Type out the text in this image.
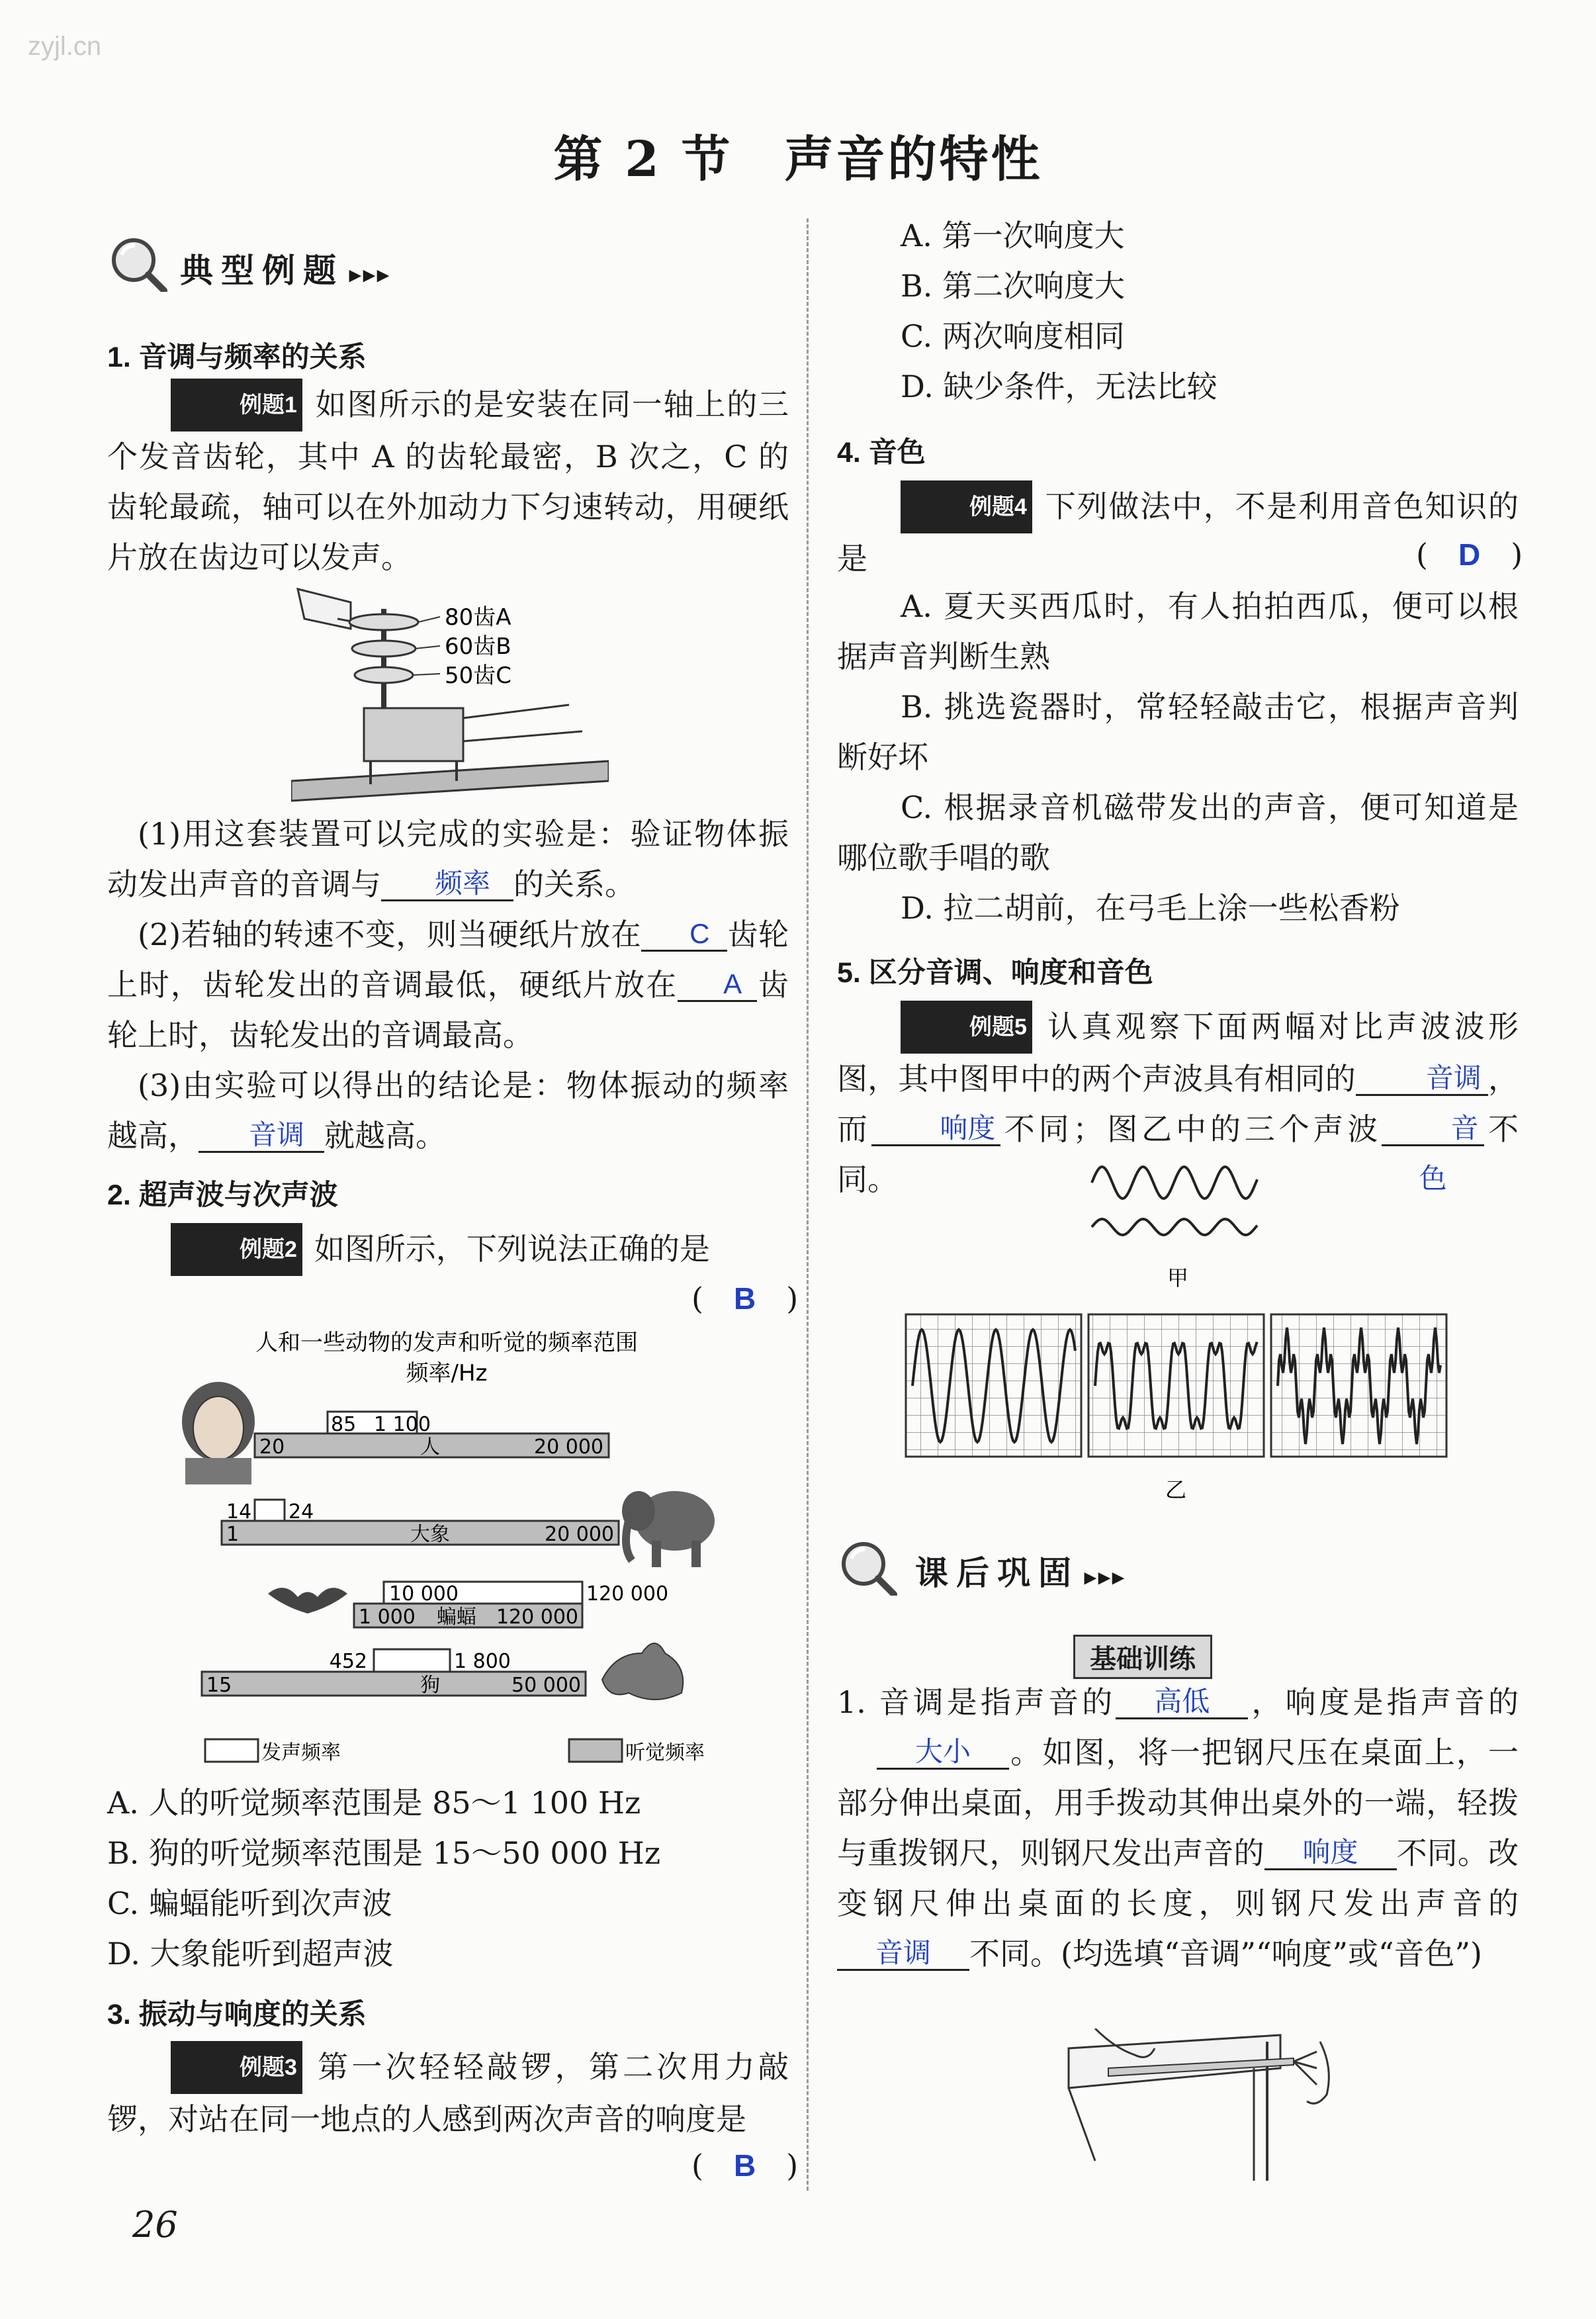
zyjl.cn
第 2 节　声音的特性
典型例题 ▸▸▸
1. 音调与频率的关系
例题1 如图所示的是安装在同一轴上的三个发音齿轮，其中 A 的齿轮最密，B 次之，C 的齿轮最疏，轴可以在外加动力下匀速转动，用硬纸片放在齿边可以发声。
80齿A
60齿B
50齿C
(1)用这套装置可以完成的实验是：验证物体振动发出声音的音调与	频率 的关系。
(2)若轴的转速不变，则当硬纸片放在	C 齿轮上时，齿轮发出的音调最低，硬纸片放在	A 齿轮上时，齿轮发出的音调最高。
(3)由实验可以得出的结论是：物体振动的频率越高，	音调 就越高。
2. 超声波与次声波
例题2 如图所示，下列说法正确的是
(　B　)
人和一些动物的发声和听觉的频率范围
频率/Hz
85 1 100
20	人	20 000
14 24
1	大象	20 000
10 000	120 000
1 000 蝙蝠 120 000
452	1 800
15	狗	50 000
发声频率	听觉频率
A. 人的听觉频率范围是 85～1 100 Hz
B. 狗的听觉频率范围是 15～50 000 Hz
C. 蝙蝠能听到次声波
D. 大象能听到超声波
3. 振动与响度的关系
例题3 第一次轻轻敲锣，第二次用力敲锣，对站在同一地点的人感到两次声音的响度是
(　B　)
26
A. 第一次响度大
B. 第二次响度大
C. 两次响度相同
D. 缺少条件，无法比较
4. 音色
例题4 下列做法中，不是利用音色知识的是	(　D　)
A. 夏天买西瓜时，有人拍拍西瓜，便可以根据声音判断生熟
B. 挑选瓷器时，常轻轻敲击它，根据声音判断好坏
C. 根据录音机磁带发出的声音，便可知道是哪位歌手唱的歌
D. 拉二胡前，在弓毛上涂一些松香粉
5. 区分音调、响度和音色
例题5 认真观察下面两幅对比声波波形图，其中图甲中的两个声波具有相同的	音调 ，而	响度 不同；图乙中的三个声波	音色
不同。
甲
乙
课后巩固 ▸▸▸
基础训练
1. 音调是指声音的	高低	，响度是指声音的
大小	。如图，将一把钢尺压在桌面上，一部分伸出桌面，用手拨动其伸出桌外的一端，轻拨与重拨钢尺，则钢尺发出声音的	响度	不同。改变钢尺伸出桌面的长度，则钢尺发出声音的
音调	不同。(均选填“音调”“响度”或“音色”)
